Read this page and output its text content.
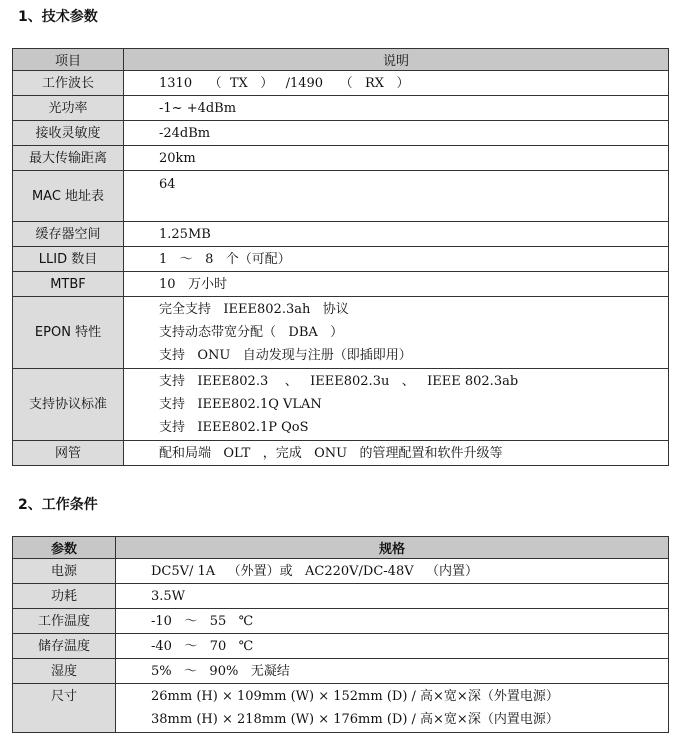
1、技术参数
项目	说明
工作波长	1310    （  TX   ）   /1490    （   RX   ）

光功率	-1~ +4dBm

接收灵敏度	-24dBm

最大传输距离	20km

MAC 地址表	64

缓存器空间	1.25MB

LLID 数目	1   ～   8   个（可配）

MTBF	10   万小时

EPON 特性	完全支持   IEEE802.3ah   协议
支持动态带宽分配（   DBA   ）
支持   ONU   自动发现与注册（即插即用）

支持协议标准	支持   IEEE802.3    、   IEEE802.3u   、   IEEE 802.3ab
支持   IEEE802.1Q VLAN
支持   IEEE802.1P QoS

网管	配和局端   OLT   ，完成   ONU   的管理配置和软件升级等
2、工作条件
参数	规格
电源	DC5V/ 1A   （外置）或   AC220V/DC-48V   （内置）

功耗	3.5W

工作温度	-10   ～   55   ℃

储存温度	-40   ～   70   ℃

湿度	5%   ～   90%   无凝结

尺寸	26mm (H) × 109mm (W) × 152mm (D) / 高×宽×深（外置电源）
38mm (H) × 218mm (W) × 176mm (D) / 高×宽×深（内置电源）
